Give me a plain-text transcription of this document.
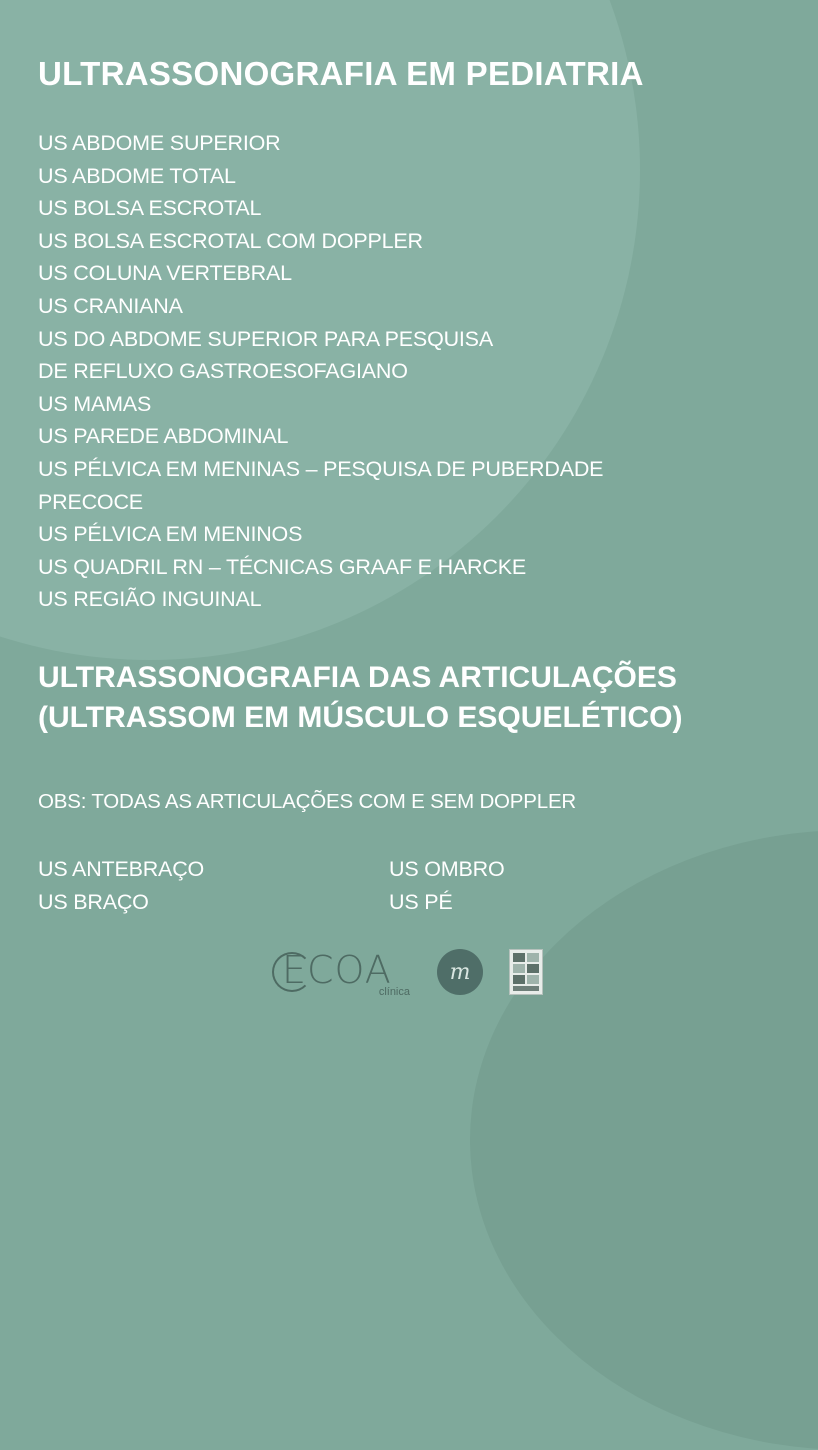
ULTRASSONOGRAFIA EM PEDIATRIA
US ABDOME SUPERIOR
US ABDOME TOTAL
US BOLSA ESCROTAL
US BOLSA ESCROTAL COM DOPPLER
US COLUNA VERTEBRAL
US CRANIANA
US DO ABDOME SUPERIOR PARA PESQUISA
DE REFLUXO GASTROESOFAGIANO
US MAMAS
US PAREDE ABDOMINAL
US PÉLVICA EM MENINAS – PESQUISA DE PUBERDADE
PRECOCE
US PÉLVICA EM MENINOS
US QUADRIL RN – TÉCNICAS GRAAF E HARCKE
US REGIÃO INGUINAL
ULTRASSONOGRAFIA DAS ARTICULAÇÕES
(ULTRASSOM EM MÚSCULO ESQUELÉTICO)
OBS: TODAS AS ARTICULAÇÕES COM E SEM DOPPLER
US ANTEBRAÇO
US BRAÇO
US OMBRO
US PÉ
ECOA
clínica
m
